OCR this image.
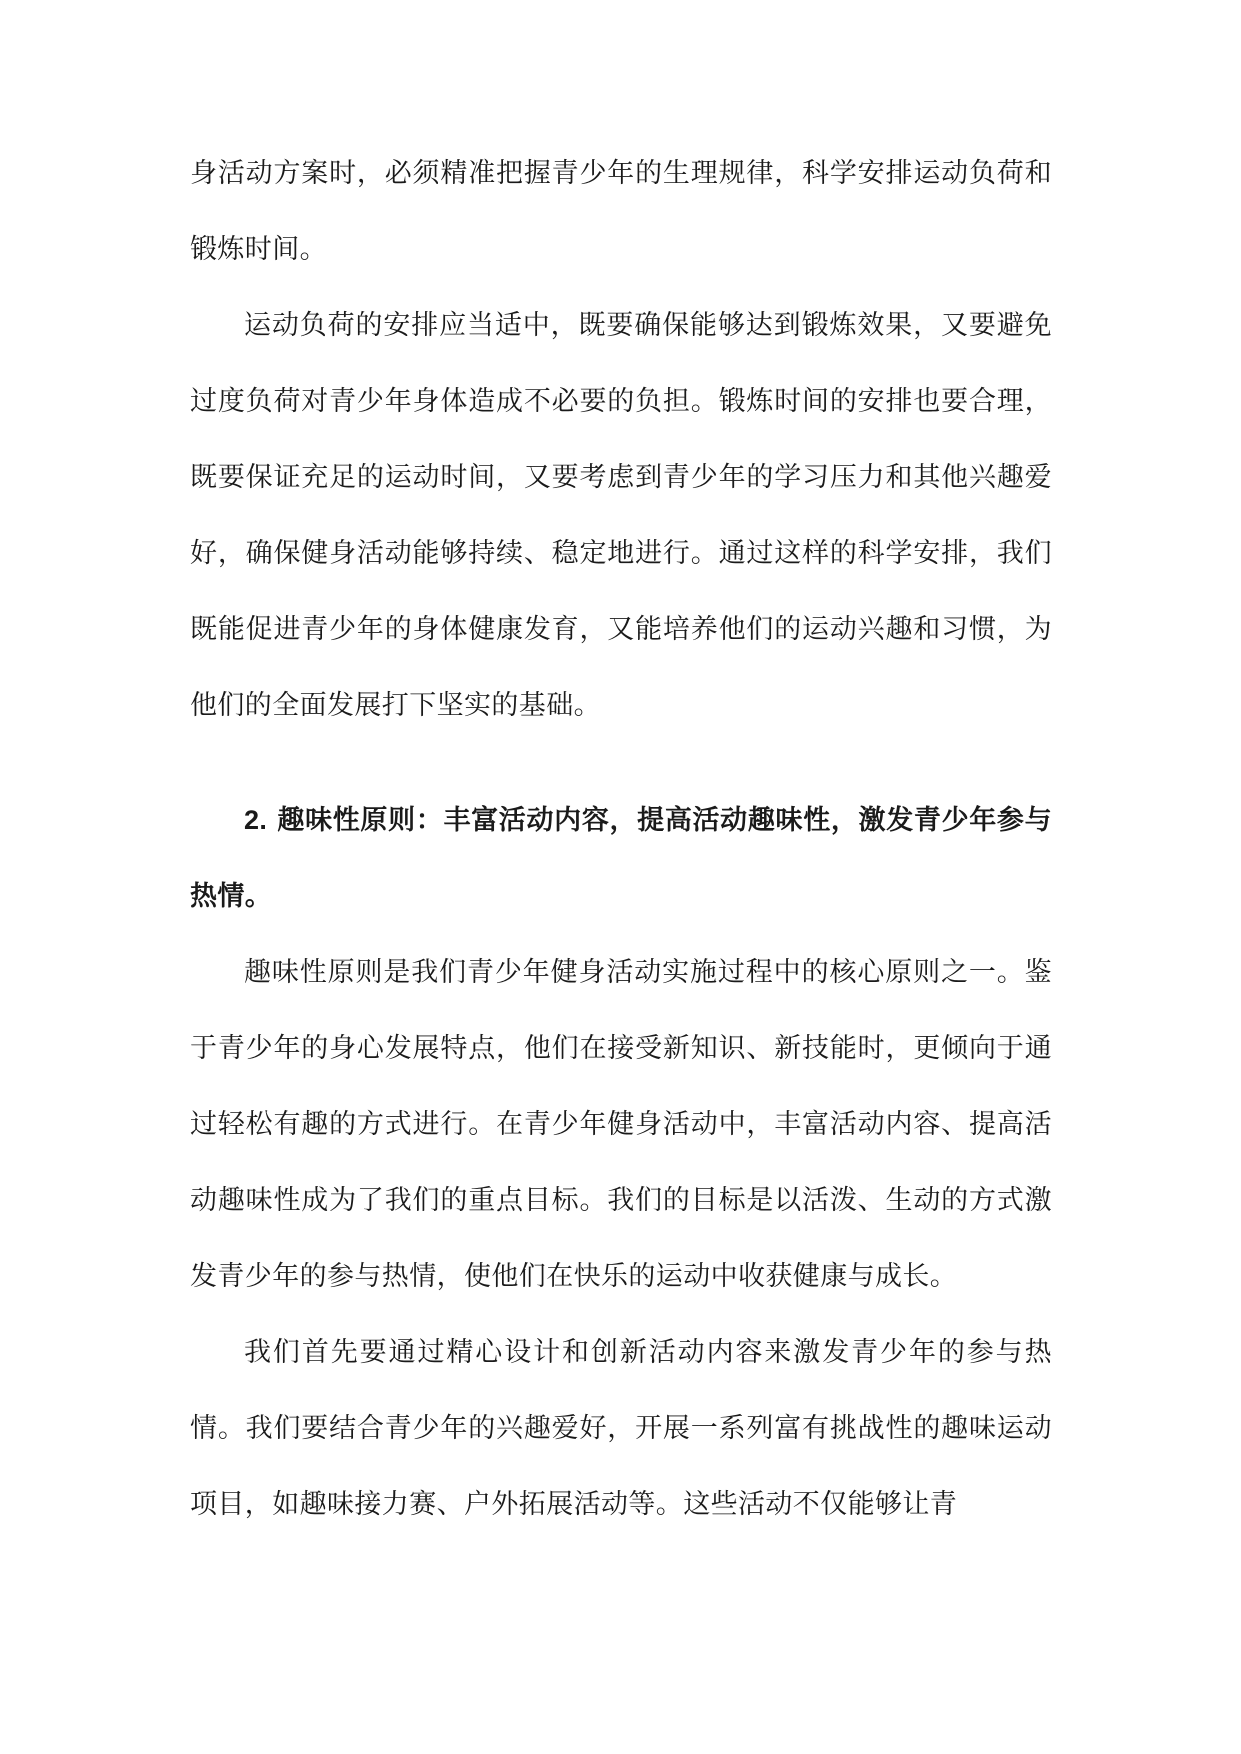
身活动方案时，必须精准把握青少年的生理规律，科学安排运动负荷和锻炼时间。

运动负荷的安排应当适中，既要确保能够达到锻炼效果，又要避免过度负荷对青少年身体造成不必要的负担。锻炼时间的安排也要合理，既要保证充足的运动时间，又要考虑到青少年的学习压力和其他兴趣爱好，确保健身活动能够持续、稳定地进行。通过这样的科学安排，我们既能促进青少年的身体健康发育，又能培养他们的运动兴趣和习惯，为他们的全面发展打下坚实的基础。

2. 趣味性原则：丰富活动内容，提高活动趣味性，激发青少年参与热情。

趣味性原则是我们青少年健身活动实施过程中的核心原则之一。鉴于青少年的身心发展特点，他们在接受新知识、新技能时，更倾向于通过轻松有趣的方式进行。在青少年健身活动中，丰富活动内容、提高活动趣味性成为了我们的重点目标。我们的目标是以活泼、生动的方式激发青少年的参与热情，使他们在快乐的运动中收获健康与成长。

我们首先要通过精心设计和创新活动内容来激发青少年的参与热情。我们要结合青少年的兴趣爱好，开展一系列富有挑战性的趣味运动项目，如趣味接力赛、户外拓展活动等。这些活动不仅能够让青
